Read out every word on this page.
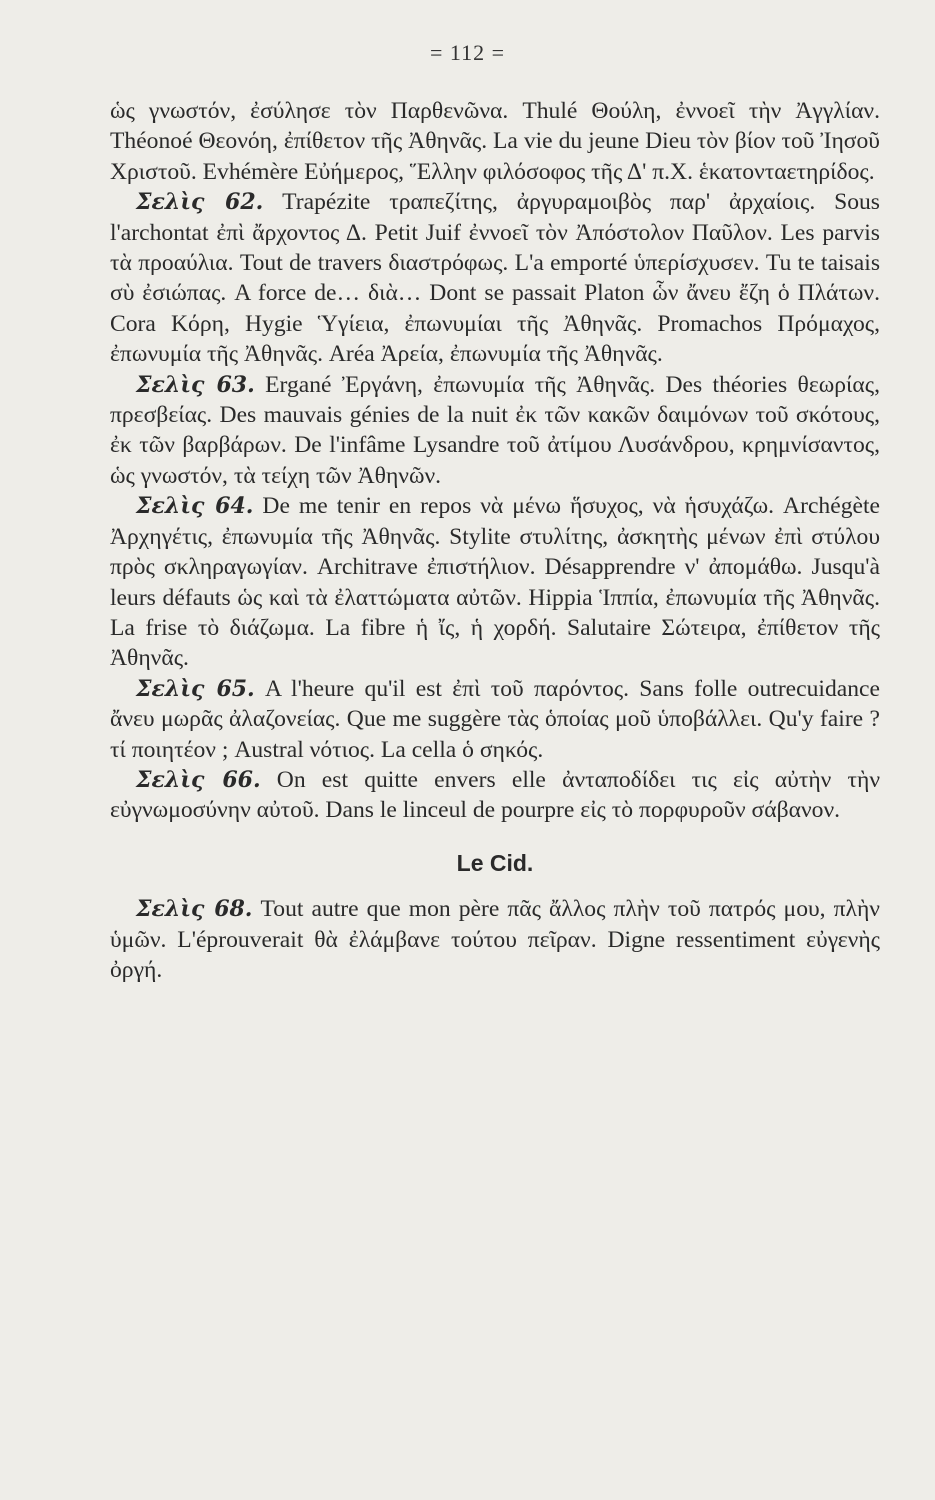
= 112 =

ὡς γνωστόν, ἐσύλησε τὸν Παρθενῶνα. Thulé Θούλη, ἐννοεῖ τὴν Ἀγγλίαν. Théonoé Θεονόη, ἐπίθετον τῆς Ἀθηνᾶς. La vie du jeune Dieu τὸν βίον τοῦ Ἰησοῦ Χριστοῦ. Evhémère Εὐήμερος, Ἕλλην φιλόσοφος τῆς Δ' π.Χ. ἑκατονταετηρίδος.

Σελὶς 62. Trapézite τραπεζίτης, ἀργυραμοιβὸς παρ' ἀρχαίοις. Sous l'archontat ἐπὶ ἄρχοντος Δ. Petit Juif ἐννοεῖ τὸν Ἀπόστολον Παῦλον. Les parvis τὰ προαύλια. Tout de travers διαστρόφως. L'a emporté ὑπερίσχυσεν. Tu te taisais σὺ ἐσιώπας. A force de… διὰ… Dont se passait Platon ὧν ἄνευ ἔζη ὁ Πλάτων. Cora Κόρη, Hygie Ὑγίεια, ἐπωνυμίαι τῆς Ἀθηνᾶς. Promachos Πρόμαχος, ἐπωνυμία τῆς Ἀθηνᾶς. Aréa Ἀρεία, ἐπωνυμία τῆς Ἀθηνᾶς.

Σελὶς 63. Ergané Ἐργάνη, ἐπωνυμία τῆς Ἀθηνᾶς. Des théories θεωρίας, πρεσβείας. Des mauvais génies de la nuit ἐκ τῶν κακῶν δαιμόνων τοῦ σκότους, ἐκ τῶν βαρβάρων. De l'infâme Lysandre τοῦ ἀτίμου Λυσάνδρου, κρημνίσαντος, ὡς γνωστόν, τὰ τείχη τῶν Ἀθηνῶν.

Σελὶς 64. De me tenir en repos νὰ μένω ἥσυχος, νὰ ἡσυχάζω. Archégète Ἀρχηγέτις, ἐπωνυμία τῆς Ἀθηνᾶς. Stylite στυλίτης, ἀσκητὴς μένων ἐπὶ στύλου πρὸς σκληραγωγίαν. Architrave ἐπιστήλιον. Désapprendre ν' ἀπομάθω. Jusqu'à leurs défauts ὡς καὶ τὰ ἐλαττώματα αὐτῶν. Hippia Ἱππία, ἐπωνυμία τῆς Ἀθηνᾶς. La frise τὸ διάζωμα. La fibre ἡ ἴς, ἡ χορδή. Salutaire Σώτειρα, ἐπίθετον τῆς Ἀθηνᾶς.

Σελὶς 65. A l'heure qu'il est ἐπὶ τοῦ παρόντος. Sans folle outrecuidance ἄνευ μωρᾶς ἀλαζονείας. Que me suggère τὰς ὁποίας μοῦ ὑποβάλλει. Qu'y faire ? τί ποιητέον ; Austral νότιος. La cella ὁ σηκός.

Σελὶς 66. On est quitte envers elle ἀνταποδίδει τις εἰς αὐτὴν τὴν εὐγνωμοσύνην αὐτοῦ. Dans le linceul de pourpre εἰς τὸ πορφυροῦν σάβανον.

Le Cid.

Σελὶς 68. Tout autre que mon père πᾶς ἄλλος πλὴν τοῦ πατρός μου, πλὴν ὑμῶν. L'éprouverait θὰ ἐλάμβανε τούτου πεῖραν. Digne ressentiment εὐγενὴς ὀργή.
